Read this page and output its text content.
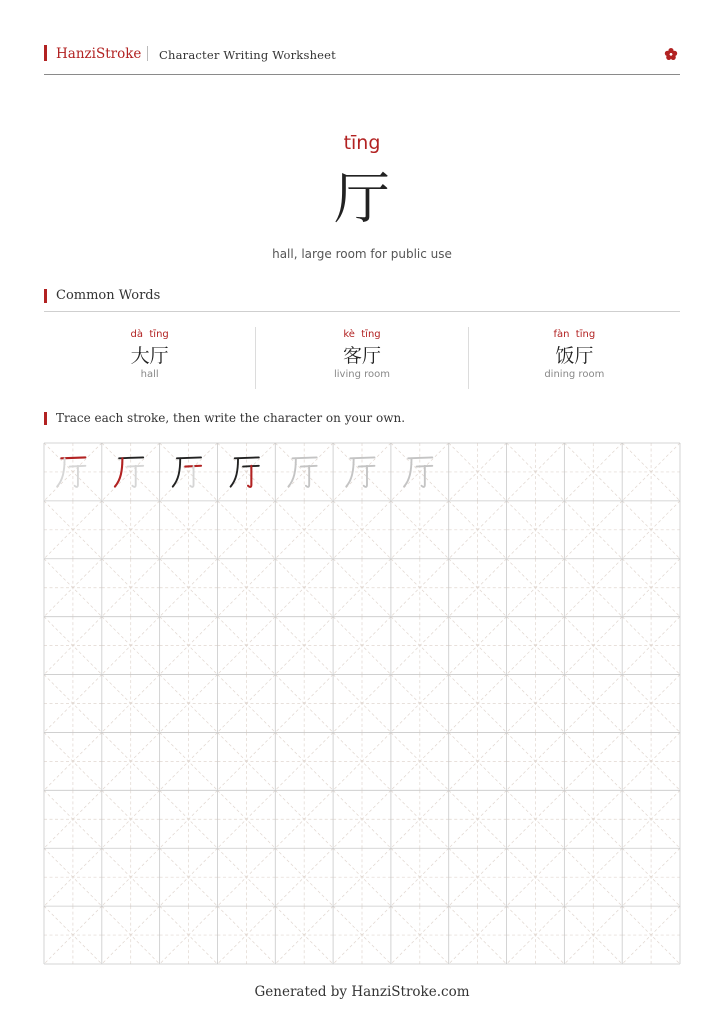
HanziStroke Character Writing Worksheet
tīng
厅
hall, large room for public use
Common Words
dà  tīng
大厅
hall
kè  tīng
客厅
living room
fàn  tīng
饭厅
dining room
Trace each stroke, then write the character on your own.
Generated by HanziStroke.com
